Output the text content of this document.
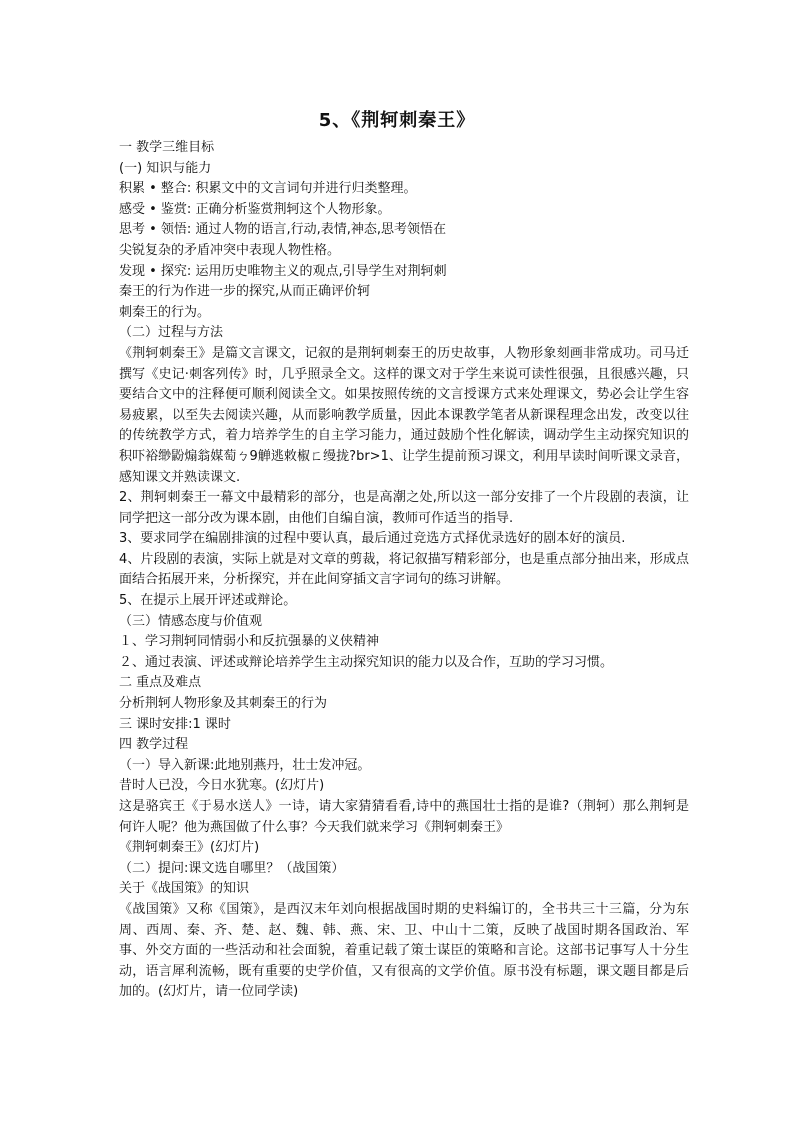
5、《荆轲刺秦王》

一 教学三维目标

(一) 知识与能力

积累 • 整合: 积累文中的文言词句并进行归类整理。

感受 • 鉴赏: 正确分析鉴赏荆轲这个人物形象。

思考 • 领悟: 通过人物的语言,行动,表情,神态,思考领悟在

尖锐复杂的矛盾冲突中表现人物性格。

发现 • 探究: 运用历史唯物主义的观点,引导学生对荆轲刺

秦王的行为作进一步的探究,从而正确评价轲

刺秦王的行为。

（二）过程与方法

《荆轲刺秦王》是篇文言课文，记叙的是荆轲刺秦王的历史故事，人物形象刻画非常成功。司马迁撰写《史记·刺客列传》时，几乎照录全文。这样的课文对于学生来说可读性很强，且很感兴趣，只要结合文中的注释便可顺利阅读全文。如果按照传统的文言授课方式来处理课文，势必会让学生容易疲累，以至失去阅读兴趣，从而影响教学质量，因此本课教学笔者从新课程理念出发，改变以往的传统教学方式，着力培养学生的自主学习能力，通过鼓励个性化解读，调动学生主动探究知识的积吓裕缈鼢煽翁媒萄ㄅ9觯逃敕椒ㄈ缦拢?br>1、让学生提前预习课文，利用早读时间听课文录音，感知课文并熟读课文.

2、荆轲刺秦王一幕文中最精彩的部分，也是高潮之处,所以这一部分安排了一个片段剧的表演，让同学把这一部分改为课本剧，由他们自编自演，教师可作适当的指导.

3、要求同学在编剧排演的过程中要认真，最后通过竞选方式择优录选好的剧本好的演员.

4、片段剧的表演，实际上就是对文章的剪裁，将记叙描写精彩部分，也是重点部分抽出来，形成点面结合拓展开来，分析探究，并在此间穿插文言字词句的练习讲解。

5、在提示上展开评述或辩论。

（三）情感态度与价值观

１、学习荆轲同情弱小和反抗强暴的义侠精神

２、通过表演、评述或辩论培养学生主动探究知识的能力以及合作，互助的学习习惯。

二 重点及难点

分析荆轲人物形象及其刺秦王的行为

三 课时安排:1 课时

四 教学过程

（一）导入新课:此地别燕丹，壮士发冲冠。

昔时人已没，今日水犹寒。(幻灯片)

这是骆宾王《于易水送人》一诗，请大家猜猜看看,诗中的燕国壮士指的是谁?（荆轲）那么荆轲是何许人呢？他为燕国做了什么事？今天我们就来学习《荆轲刺秦王》

《荆轲刺秦王》(幻灯片)

（二）提问:课文选自哪里？（战国策）

关于《战国策》的知识

《战国策》又称《国策》，是西汉末年刘向根据战国时期的史料编订的，全书共三十三篇，分为东周、西周、秦、齐、楚、赵、魏、韩、燕、宋、卫、中山十二策，反映了战国时期各国政治、军事、外交方面的一些活动和社会面貌，着重记载了策士谋臣的策略和言论。这部书记事写人十分生动，语言犀利流畅，既有重要的史学价值，又有很高的文学价值。原书没有标题，课文题目都是后加的。(幻灯片，请一位同学读)
